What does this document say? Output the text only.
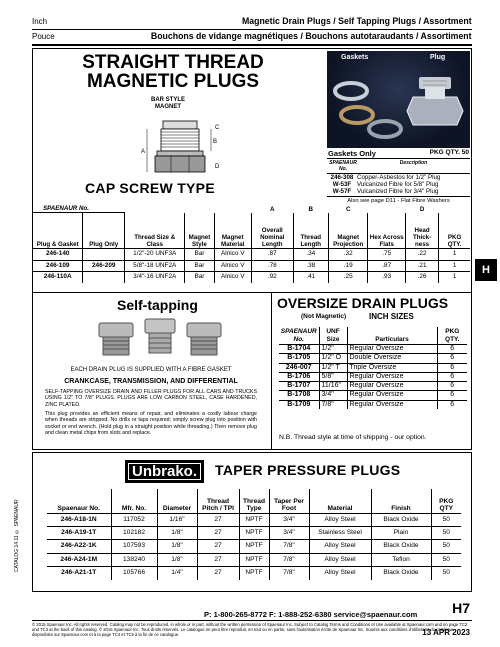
Inch	Magnetic Drain Plugs / Self Tapping Plugs / Assortment
Pouce	Bouchons de vidange magnétiques / Bouchons autotaraudants / Assortiment
STRAIGHT THREAD
MAGNETIC PLUGS
BAR STYLE
MAGNET
A
B
C
D
CAP SCREW TYPE
Gaskets	Plug
Gaskets Only	PKG QTY. 50
SPAENAUR No.
Description
246-308 Copper-Asbestos for 1/2" Plug
W-53F Vulcanized Fibre for 5/8" Plug
W-57F Vulcanized Fibre for 3/4" Plug
Also see page D11 - Flat Fibre Washers
SPAENAUR No.					A	B	C		D	
Plug & Gasket	Plug Only	Thread Size & Class	Magnet Style	Magnet Material	Overall Nominal Length	Thread Length	Magnet Projection	Hex Across Flats	Head Thick-ness	PKG QTY.
246-140		1/2"-20 UNF3A	Bar	Alnico V	.87	.34	.32	.75	.22	1
246-109	246-209	5/8"-18 UNF2A	Bar	Alnico V	.78	.38	.19	.87	.21	1
246-110A		3/4"-16 UNF2A	Bar	Alnico V	.92	.41	.25	.93	.26	1
Self-tapping
EACH DRAIN PLUG IS SUPPLIED WITH A FIBRE GASKET
CRANKCASE, TRANSMISSION, AND DIFFERENTIAL
SELF-TAPPING OVERSIZE DRAIN AND FILLER PLUGS FOR ALL CARS AND TRUCKS USING 1/2" TO 7/8" PLUGS. PLUGS ARE LOW CARBON STEEL, CASE HARDENED, ZINC PLATED.
This plug provides an efficient means of repair, and eliminates a costly labour charge when threads are stripped. No drills or taps required; simply screw plug into position with socket or end wrench. (Hold plug in a straight position while threading.) Then remove plug and clean metal chips from slots and replace.
OVERSIZE DRAIN PLUGS
(Not Magnetic)	INCH SIZES
SPAENAUR No.	UNF Size	Particulars	PKG QTY.
B-1704	1/2"	Regular Oversize	6
B-1705	1/2" O	Double Oversize	6
246-007	1/2" T	Triple Oversize	6
B-1706	5/8"	Regular Oversize	6
B-1707	11/16"	Regular Oversize	6
B-1708	3/4"	Regular Oversize	6
B-1709	7/8"	Regular Oversize	6
N.B. Thread style at time of shipping - our option.
Unbrako.	TAPER PRESSURE PLUGS
Spaenaur No.	Mfr. No.	Diameter	Thread Pitch / TPI	Thread Type	Taper Per Foot	Material	Finish	PKG QTY
246-A18-1N	117052	1/16"	27	NPTF	3/4"	Alloy Steel	Black Oxide	50
246-A19-1T	102182	1/8"	27	NPTF	3/4"	Stainless Steel	Plain	50
246-A22-1K	107593	1/8"	27	NPTF	7/8"	Alloy Steel	Black Oxide	50
246-A24-1M	138240	1/8"	27	NPTF	7/8"	Alloy Steel	Teflon	50
246-A21-1T	105766	1/4"	27	NPTF	7/8"	Alloy Steel	Black Oxide	50
H
CATALOG 14.11 © SPAENAUR
P: 1-800-265-8772 F: 1-888-252-6380 service@spaenaur.com H7
© 2015 Spaenaur Inc. All rights reserved. Catalog may not be reproduced, in whole or in part, without the written permission of Spaenaur Inc. Subject to Catalog Terms and Conditions of Use available at Spaenaur.com and on page TC2 and TC3 at the back of this catalog. © 2015 Spaenaur Inc. Tous droits réservés. Le catalogue ne peut être reproduit, en tout ou en partie, sans l'autorisation écrite de Spaenaur Inc. Soumis aux conditions d'utilisation du catalogue disponibles sur Spaenaur.com et à la page TC4 et TC5 à la fin de ce catalogue.	13 APR 2023
